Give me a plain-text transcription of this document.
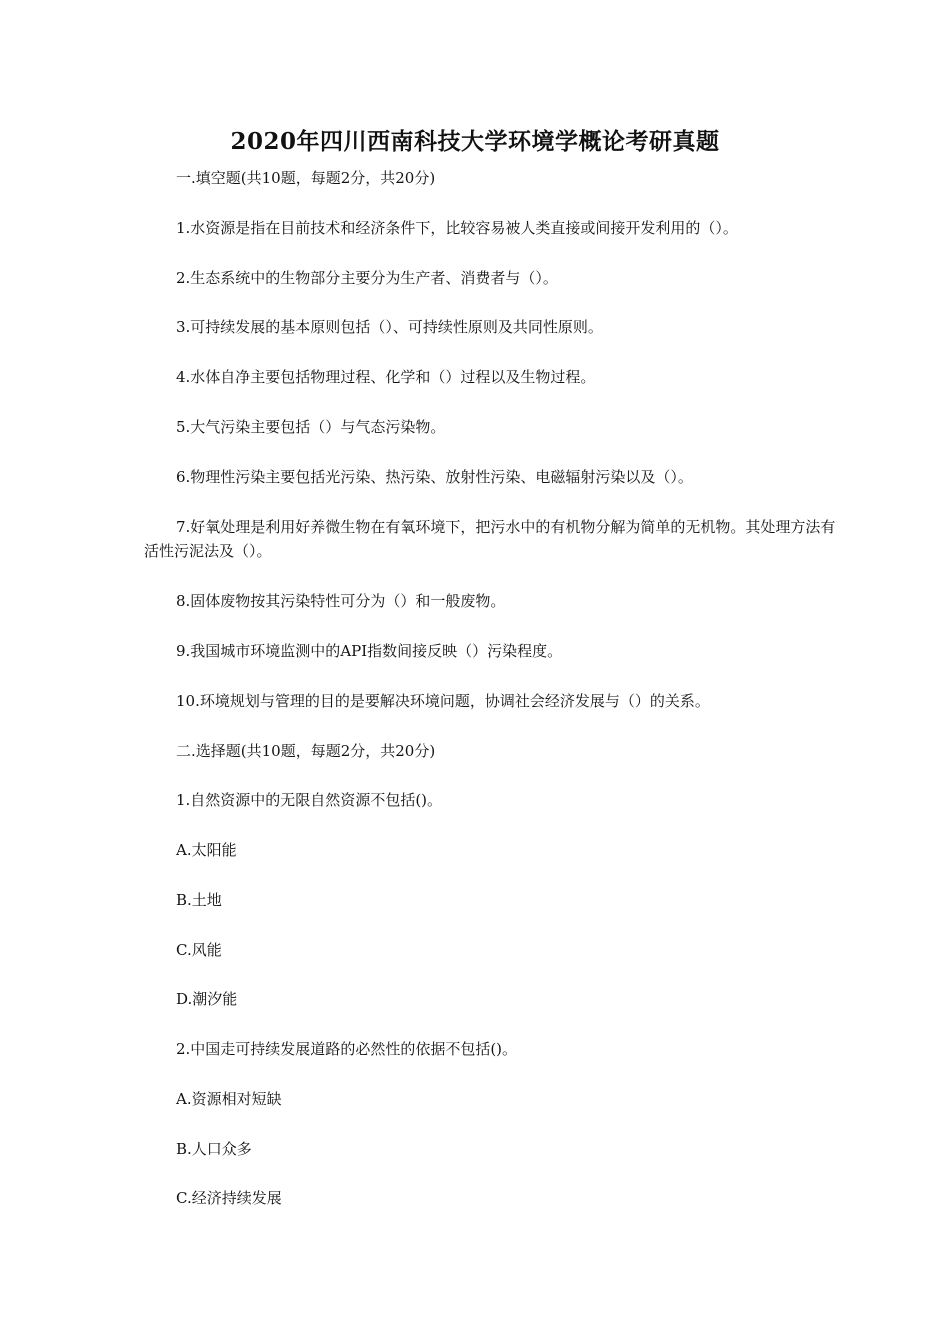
2020年四川西南科技大学环境学概论考研真题
一.填空题(共10题，每题2分，共20分)
1.水资源是指在目前技术和经济条件下，比较容易被人类直接或间接开发利用的（）。
2.生态系统中的生物部分主要分为生产者、消费者与（）。
3.可持续发展的基本原则包括（）、可持续性原则及共同性原则。
4.水体自净主要包括物理过程、化学和（）过程以及生物过程。
5.大气污染主要包括（）与气态污染物。
6.物理性污染主要包括光污染、热污染、放射性污染、电磁辐射污染以及（）。
7.好氧处理是利用好养微生物在有氧环境下，把污水中的有机物分解为简单的无机物。其处理方法有活性污泥法及（）。
8.固体废物按其污染特性可分为（）和一般废物。
9.我国城市环境监测中的API指数间接反映（）污染程度。
10.环境规划与管理的目的是要解决环境问题，协调社会经济发展与（）的关系。
二.选择题(共10题，每题2分，共20分)
1.自然资源中的无限自然资源不包括()。
A.太阳能
B.土地
C.风能
D.潮汐能
2.中国走可持续发展道路的必然性的依据不包括()。
A.资源相对短缺
B.人口众多
C.经济持续发展
